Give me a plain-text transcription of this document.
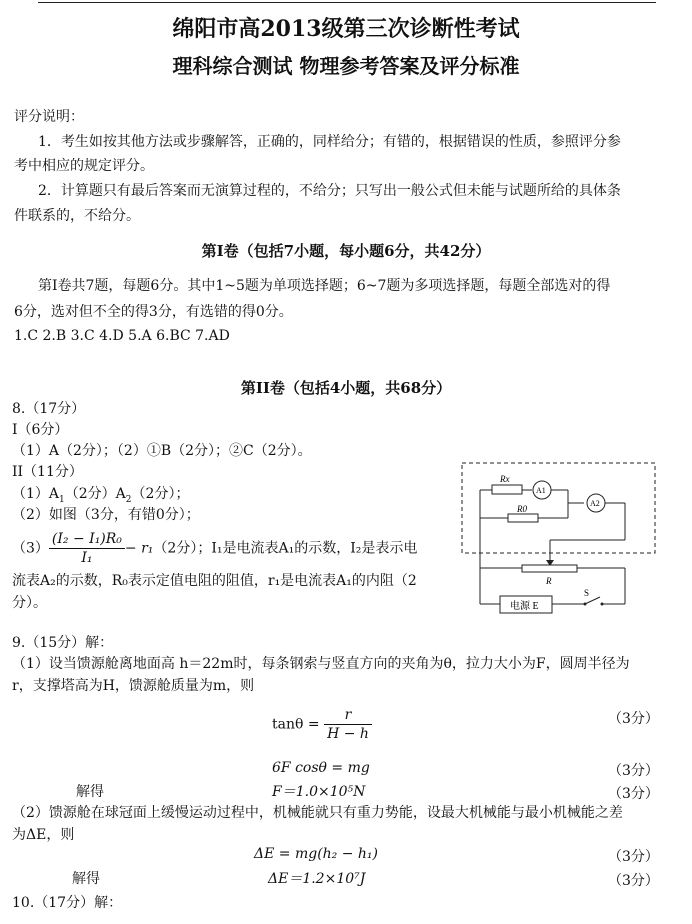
绵阳市高2013级第三次诊断性考试
理科综合测试 物理参考答案及评分标准
评分说明：
1．考生如按其他方法或步骤解答，正确的，同样给分；有错的，根据错误的性质，参照评分参
考中相应的规定评分。
2．计算题只有最后答案而无演算过程的，不给分；只写出一般公式但未能与试题所给的具体条
件联系的，不给分。
第Ⅰ卷（包括7小题，每小题6分，共42分）
第Ⅰ卷共7题，每题6分。其中1~5题为单项选择题；6~7题为多项选择题，每题全部选对的得
6分，选对但不全的得3分，有选错的得0分。
1.C 2.B 3.C 4.D 5.A 6.BC 7.AD
第II卷（包括4小题，共68分）
8.（17分）
Ⅰ（6分）
（1）A（2分）；（2）①B（2分）；②C（2分）。
II（11分）
$(1)A_1(2$分）$A_2(2$分）；
（2）如图（3分，有错0分）；
$(3) \frac{\text{(I₂ − I₁)R₀}}{\text{I₁}} - r_1(2$分）；I₁是电流表A₁的示数，I₂是表示电
流表A₂的示数，R₀表示定值电阻的阻值，r₁是电流表A₁的内阻（2
分）。
Rx
A1
R0
A2
R
电源 E
S
9.（15分）解：
（1）设当馈源舱离地面高 h＝22m时，每条钢索与竖直方向的夹角为θ，拉力大小为F，圆周半径为
r，支撑塔高为H，馈源舱质量为m，则
$\tan\theta = \frac{r}{H - h}$	（3分）
6F cosθ = mg	（3分）
解得	F＝1.0×10⁵N	（3分）
（2）馈源舱在球冠面上缓慢运动过程中，机械能就只有重力势能，设最大机械能与最小机械能之差
为ΔE，则
ΔE = mg(h₂ − h₁)	（3分）
解得	ΔE＝1.2×10⁷J	（3分）
10.（17分）解：
